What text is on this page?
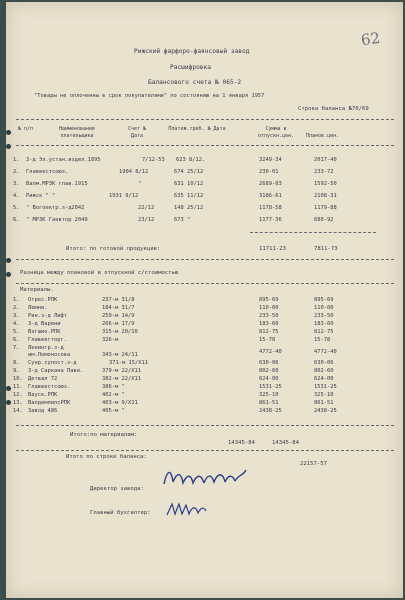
62
Рижский фарфоро-фаянсовый завод
Расшифровка
Балансового счета № 065-2
"Товары не оплоченны в срок покупателями" по состоянию на 1 января 1957
Строка баланса №70/69
№ п/п	Наименование плательщика
Счет № Дата
Платеж.треб. № Дата	Сумма в отпускн.цен.	Планов.цен.
1. З-д Эл.устан.издел.1895	7/12-53 623 8/12.	3249-34	2017-40
2. Главвестсоюз.	1904 8/12	674 25/12	230-01	233-72
3. Валм.МРЗК глав.1915	"	631 10/12	2689-03	1592-50
4. Рижск " "	1931 9/12	635 11/12	3186-61	2108-31
5. " Вогоектр.з-д2042	22/12	148 25/12	1178-58	1179-88
6. " МРЗК Гаевтор 2049	23/12	673 "	1177-36	680-92
Итого: по готовой продукции:	11711-23	7811-73
Разница между плановой и отпускной с/стоимостью
Материалы.
1. Огрес.РПК	237-м 31/8	895-69	895-69
2. Лемни.	184-м 31/7	110-00	110-00
3. Рин.з-д Лифт	259-м 14/9	233-50	233-50
4. З-д Варени	266-м 17/9	183-60	183-60
5. Вэгшио.РПК	315-м 20/10	812-75	812-75
6. Главвегторг.	326-м	15-78	15-78
7. Ленингр.з-д им.Ломоносова	343-м 24/11	4772-40	4772-40
8. Сунр.сулост.з-д	371-м 15/Х11	630-06	630-06
9. З-д Саркана Пави.	379-м 22/Х11	802-60	802-60
10. Детвал 72	382-м 22/Х11	624-00	624-00
11. Главвестсоюз.	386-м "	1531-25	1531-25
12. Вауск.РПК	402-м "	325-10	325-10
13. ВалдемпилсРПК	403-м 9/Х11	861-51	861-51
14. Завод 486	405-м "	2438-25	2438-25
Итого:по материалам:
14345-84	14345-84
Итого по строке баланса:
22157-57
Директор завода:
Главный бухгалтер:
